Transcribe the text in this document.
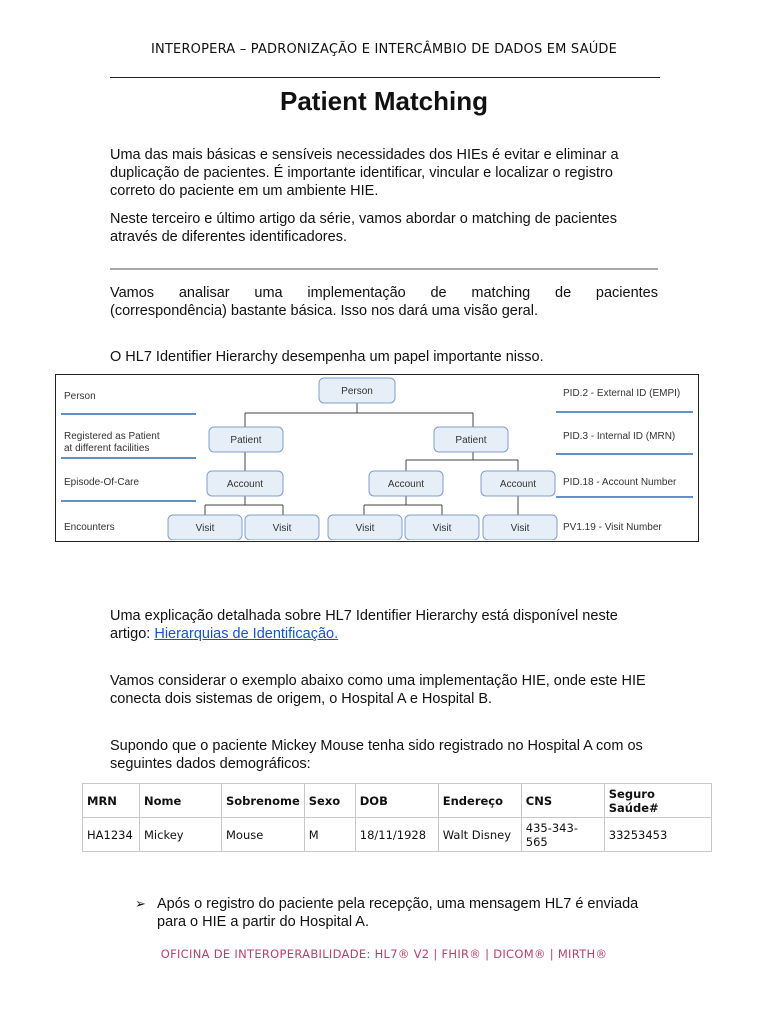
INTEROPERA – PADRONIZAÇÃO E INTERCÂMBIO DE DADOS EM SAÚDE
Patient Matching
Uma das mais básicas e sensíveis necessidades dos HIEs é evitar e eliminar a duplicação de pacientes. É importante identificar, vincular e localizar o registro correto do paciente em um ambiente HIE.
Neste terceiro e último artigo da série, vamos abordar o matching de pacientes através de diferentes identificadores.
Vamos analisar uma implementação de matching de pacientes
(correspondência) bastante básica. Isso nos dará uma visão geral.
O HL7 Identifier Hierarchy desempenha um papel importante nisso.
Person
Registered as Patient at different facilities
Episode-Of-Care
Encounters
PID.2 - External ID (EMPI)
PID.3 - Internal ID (MRN)
PID.18 - Account Number
PV1.19 - Visit Number
Person
Patient	Patient
Account	Account	Account
Visit	Visit	Visit	Visit	Visit
Uma explicação detalhada sobre HL7 Identifier Hierarchy está disponível neste artigo: Hierarquias de Identificação.
Vamos considerar o exemplo abaixo como uma implementação HIE, onde este HIE conecta dois sistemas de origem, o Hospital A e Hospital B.
Supondo que o paciente Mickey Mouse tenha sido registrado no Hospital A com os seguintes dados demográficos:
MRN	Nome	Sobrenome	Sexo	DOB	Endereço	CNS	Seguro Saúde#
HA1234	Mickey	Mouse	M	18/11/1928	Walt Disney	435-343-565	33253453
➢ Após o registro do paciente pela recepção, uma mensagem HL7 é enviada para o HIE a partir do Hospital A.
OFICINA DE INTEROPERABILIDADE: HL7® V2 | FHIR® | DICOM® | MIRTH®
